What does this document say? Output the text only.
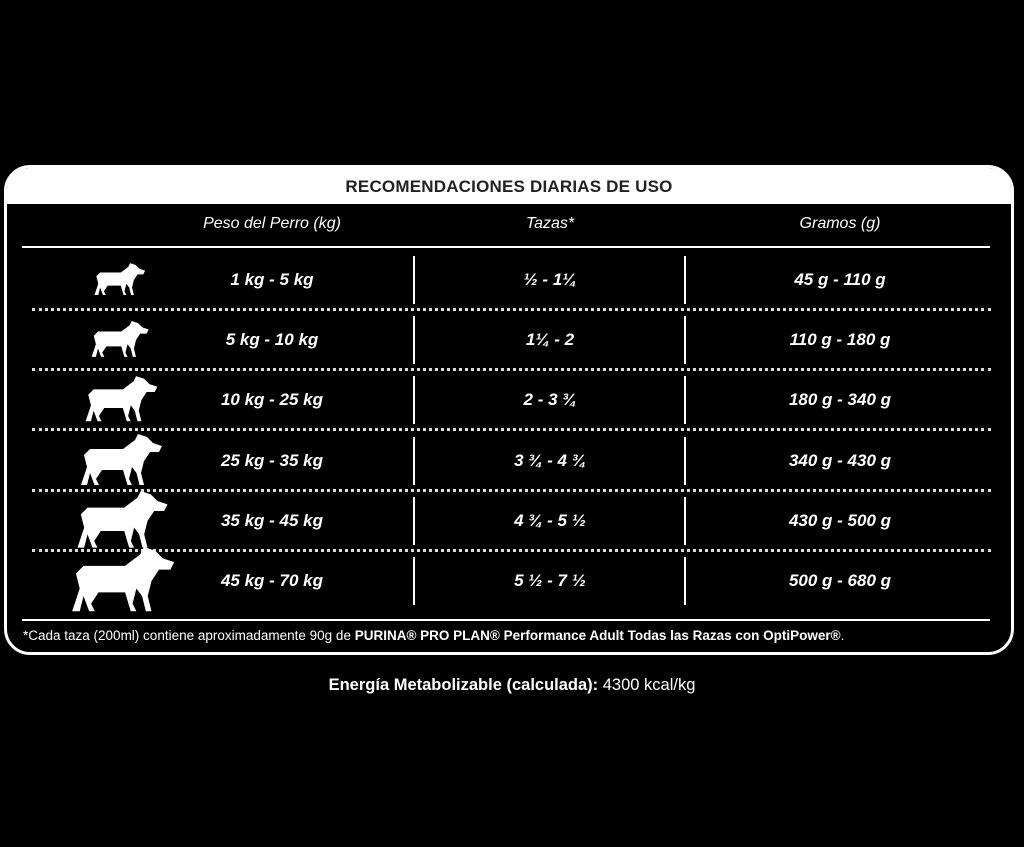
RECOMENDACIONES DIARIAS DE USO
Peso del Perro (kg)	Tazas*	Gramos (g)
1 kg - 5 kg	½ - 1¼	45 g - 110 g
5 kg - 10 kg	1¼ - 2	110 g - 180 g
10 kg - 25 kg	2 - 3 ¾	180 g - 340 g
25 kg - 35 kg	3 ¾ - 4 ¾	340 g - 430 g
35 kg - 45 kg	4 ¾ - 5 ½	430 g - 500 g
45 kg - 70 kg	5 ½ - 7 ½	500 g - 680 g
*Cada taza (200ml) contiene aproximadamente 90g de PURINA® PRO PLAN® Performance Adult Todas las Razas con OptiPower®.
Energía Metabolizable (calculada): 4300 kcal/kg
